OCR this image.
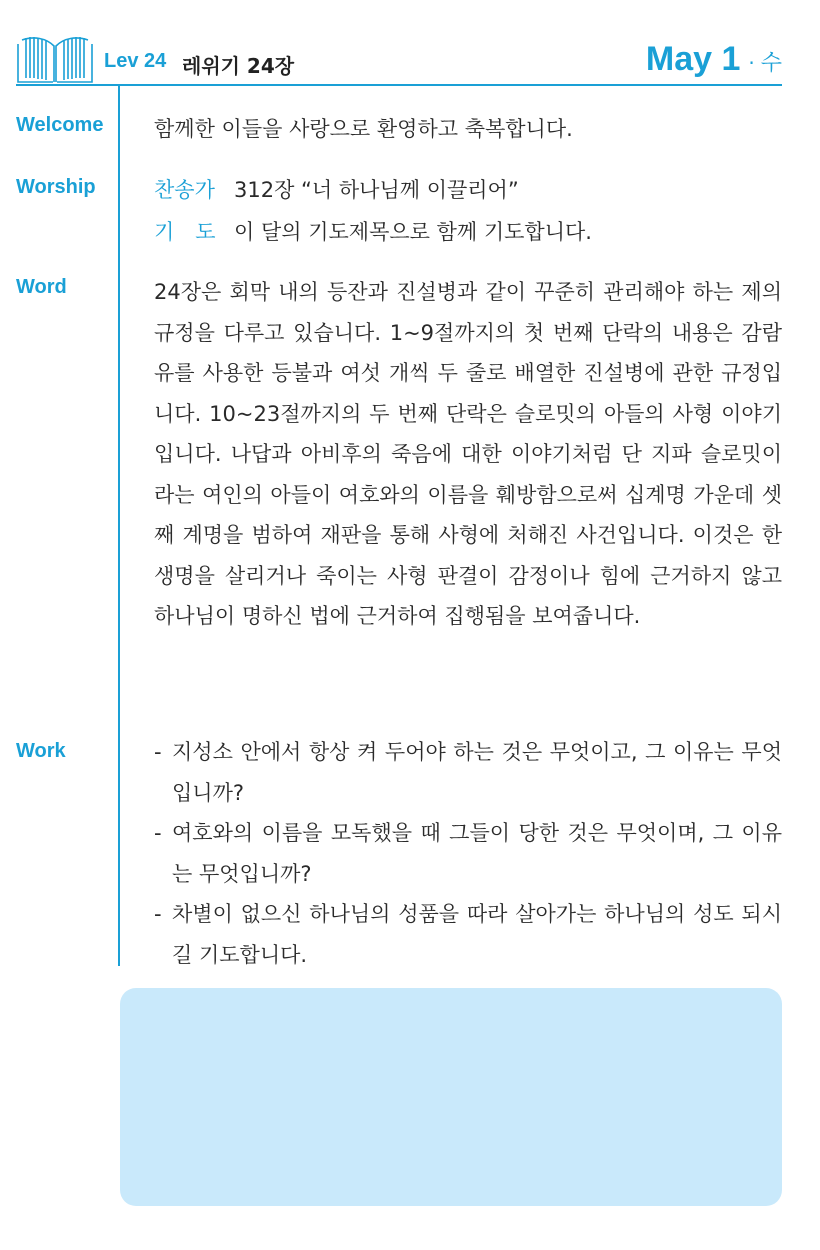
Lev 24 레위기 24장	May 1 · 수
Welcome 함께한 이들을 사랑으로 환영하고 축복합니다.
Worship	찬송가 312장 “너 하나님께 이끌리어”
기　도 이 달의 기도제목으로 함께 기도합니다.
Word	24장은 회막 내의 등잔과 진설병과 같이 꾸준히 관리해야 하는 제의 규정을 다루고 있습니다. 1~9절까지의 첫 번째 단락의 내용은 감람유를 사용한 등불과 여섯 개씩 두 줄로 배열한 진설병에 관한 규정입니다. 10~23절까지의 두 번째 단락은 슬로밋의 아들의 사형 이야기입니다. 나답과 아비후의 죽음에 대한 이야기처럼 단 지파 슬로밋이라는 여인의 아들이 여호와의 이름을 훼방함으로써 십계명 가운데 셋째 계명을 범하여 재판을 통해 사형에 처해진 사건입니다. 이것은 한 생명을 살리거나 죽이는 사형 판결이 감정이나 힘에 근거하지 않고 하나님이 명하신 법에 근거하여 집행됨을 보여줍니다.
Work	- 지성소 안에서 항상 켜 두어야 하는 것은 무엇이고, 그 이유는 무엇입니까?
- 여호와의 이름을 모독했을 때 그들이 당한 것은 무엇이며, 그 이유는 무엇입니까?
- 차별이 없으신 하나님의 성품을 따라 살아가는 하나님의 성도 되시길 기도합니다.
